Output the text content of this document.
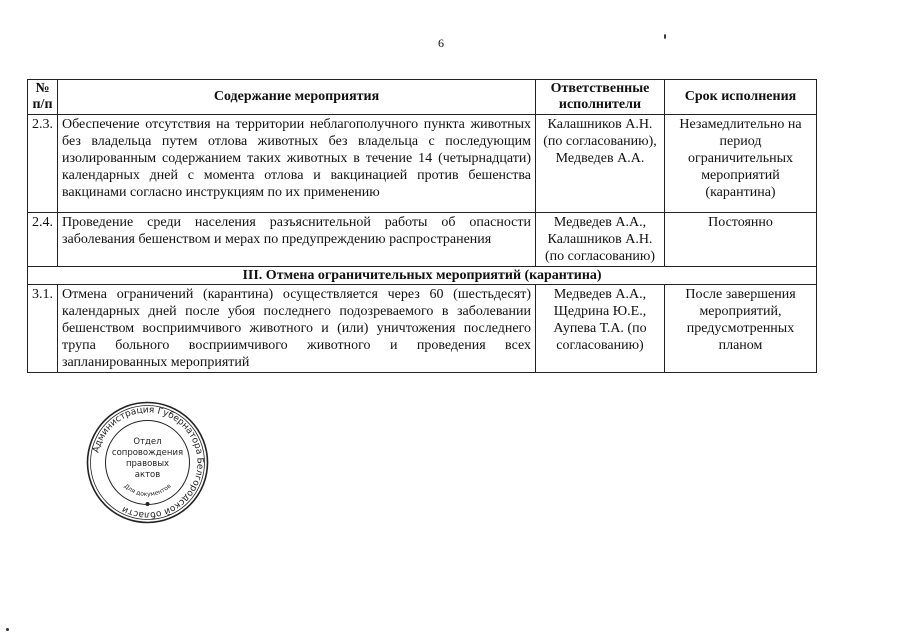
6
№ п/п	Содержание мероприятия	Ответственные исполнители	Срок исполнения
2.3.	Обеспечение отсутствия на территории неблагополучного пункта животных без владельца путем отлова животных без владельца с последующим изолированным содержанием таких животных в течение 14 (четырнадцати) календарных дней с момента отлова и вакцинацией против бешенства вакцинами согласно инструкциям по их применению	Калашников А.Н. (по согласованию), Медведев А.А.	Незамедлительно на период ограничительных мероприятий (карантина)
2.4.	Проведение среди населения разъяснительной работы об опасности заболевания бешенством и мерах по предупреждению распространения	Медведев А.А., Калашников А.Н. (по согласованию)	Постоянно
III. Отмена ограничительных мероприятий (карантина)			
3.1.	Отмена ограничений (карантина) осуществляется через 60 (шестьдесят) календарных дней после убоя последнего подозреваемого в заболевании бешенством восприимчивого животного и (или) уничтожения последнего трупа больного восприимчивого животного и проведения всех запланированных мероприятий	Медведев А.А., Щедрина Ю.Е., Аупева Т.А. (по согласованию)	После завершения мероприятий, предусмотренных планом
Администрация Губернатора Белгородской области
Отдел
сопровождения
правовых
актов
Для документов
